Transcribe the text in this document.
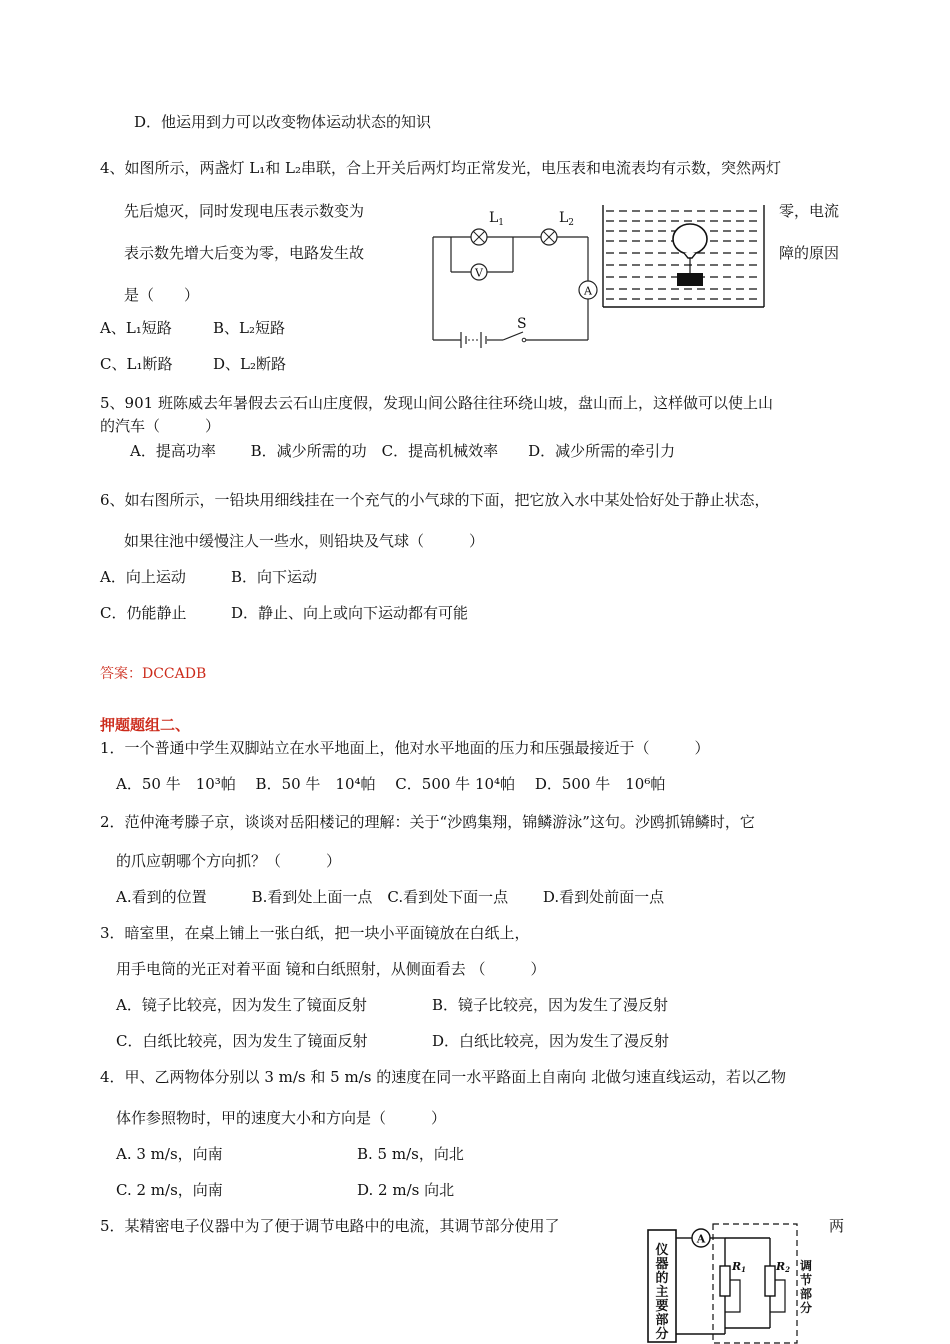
D．他运用到力可以改变物体运动状态的知识
4、如图所示，两盏灯 L₁和 L₂串联，合上开关后两灯均正常发光，电压表和电流表均有示数，突然两灯
先后熄灭，同时发现电压表示数变为
表示数先增大后变为零，电路发生故
是（　　）
零，电流
障的原因
A、L₁短路	B、L₂短路
C、L₁断路	D、L₂断路
V
A
$L_1$	$L_2$
S
5、901 班陈威去年暑假去云石山庄度假，发现山间公路往往环绕山坡，盘山而上，这样做可以使上山
的汽车（　　　）
A．提高功率　　 B．减少所需的功　C．提高机械效率　　D．减少所需的牵引力
6、如右图所示，一铅块用细线挂在一个充气的小气球的下面，把它放入水中某处恰好处于静止状态，
如果往池中缓慢注人一些水，则铅块及气球（　　　）
A．向上运动	B．向下运动
C．仍能静止	D．静止、向上或向下运动都有可能
答案：DCCADB
押题题组二、
1．一个普通中学生双脚站立在水平地面上，他对水平地面的压力和压强最接近于（　　　）
A．50 牛　10³帕　 B．50 牛　10⁴帕　 C．500 牛 10⁴帕　 D．500 牛　10⁶帕
2．范仲淹考滕子京，谈谈对岳阳楼记的理解：关于“沙鸥集翔，锦鳞游泳”这句。沙鸥抓锦鳞时，它
的爪应朝哪个方向抓？（　　　）
A.看到的位置　　　B.看到处上面一点　C.看到处下面一点　　 D.看到处前面一点
3．暗室里，在桌上铺上一张白纸，把一块小平面镜放在白纸上，
用手电筒的光正对着平面 镜和白纸照射，从侧面看去 （　　　）
A．镜子比较亮，因为发生了镜面反射	B．镜子比较亮，因为发生了漫反射
C．白纸比较亮，因为发生了镜面反射	D．白纸比较亮，因为发生了漫反射
4．甲、乙两物体分别以 3 m/s 和 5 m/s 的速度在同一水平路面上自南向 北做匀速直线运动，若以乙物
体作参照物时，甲的速度大小和方向是（　　　）
A. 3 m/s，向南	B. 5 m/s，向北
C. 2 m/s，向南	D. 2 m/s 向北
5．某精密电子仪器中为了便于调节电路中的电流，其调节部分使用了	两
仪器的主要部分
A
R1	R2 调节部分
